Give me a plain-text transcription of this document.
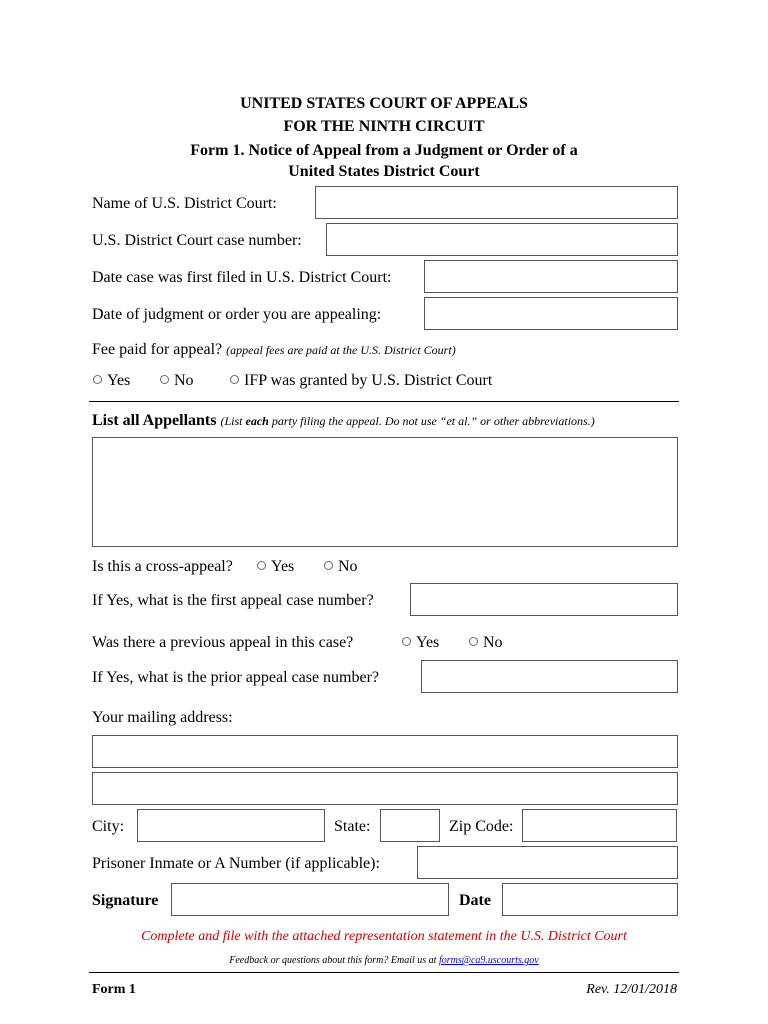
UNITED STATES COURT OF APPEALS
FOR THE NINTH CIRCUIT
Form 1. Notice of Appeal from a Judgment or Order of a
United States District Court
Name of U.S. District Court:
U.S. District Court case number:
Date case was first filed in U.S. District Court:
Date of judgment or order you are appealing:
Fee paid for appeal? (appeal fees are paid at the U.S. District Court)
Yes	No	IFP was granted by U.S. District Court
List all Appellants (List each party filing the appeal. Do not use “et al.” or other abbreviations.)
Is this a cross-appeal?	Yes	No
If Yes, what is the first appeal case number?
Was there a previous appeal in this case?	Yes	No
If Yes, what is the prior appeal case number?
Your mailing address:
City:	State:	Zip Code:
Prisoner Inmate or A Number (if applicable):
Signature	Date
Complete and file with the attached representation statement in the U.S. District Court
Feedback or questions about this form? Email us at forms@ca9.uscourts.gov
Form 1	Rev. 12/01/2018
